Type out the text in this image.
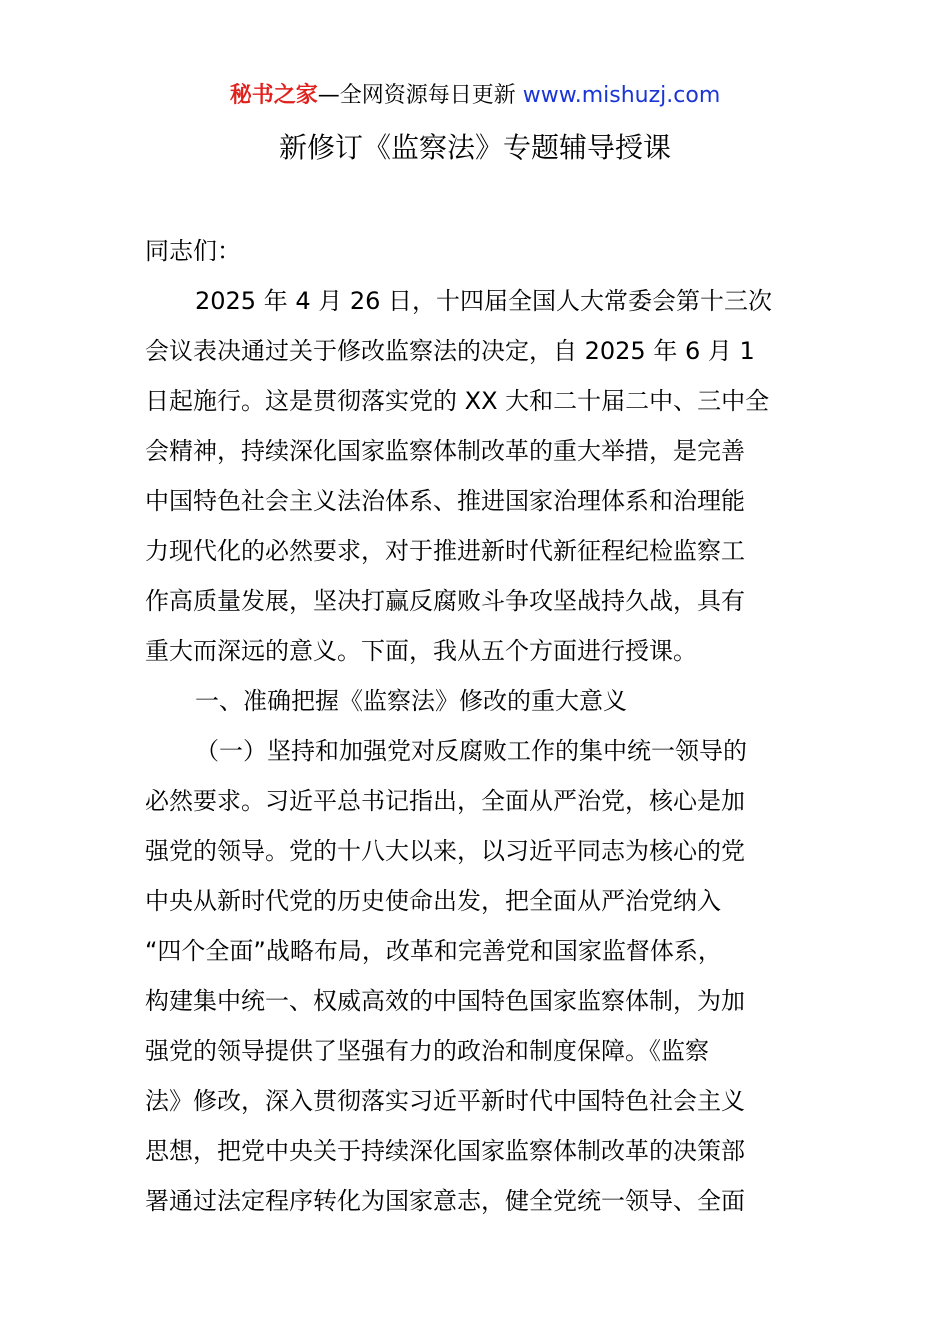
秘书之家—全网资源每日更新 www.mishuzj.com
新修订《监察法》专题辅导授课
同志们：
2025 年 4 月 26 日，十四届全国人大常委会第十三次
会议表决通过关于修改监察法的决定，自 2025 年 6 月 1
日起施行。这是贯彻落实党的 XX 大和二十届二中、三中全
会精神，持续深化国家监察体制改革的重大举措，是完善
中国特色社会主义法治体系、推进国家治理体系和治理能
力现代化的必然要求，对于推进新时代新征程纪检监察工
作高质量发展，坚决打赢反腐败斗争攻坚战持久战，具有
重大而深远的意义。下面，我从五个方面进行授课。
一、准确把握《监察法》修改的重大意义
（一）坚持和加强党对反腐败工作的集中统一领导的
必然要求。习近平总书记指出，全面从严治党，核心是加
强党的领导。党的十八大以来，以习近平同志为核心的党
中央从新时代党的历史使命出发，把全面从严治党纳入
“四个全面”战略布局，改革和完善党和国家监督体系，
构建集中统一、权威高效的中国特色国家监察体制，为加
强党的领导提供了坚强有力的政治和制度保障。《监察
法》修改，深入贯彻落实习近平新时代中国特色社会主义
思想，把党中央关于持续深化国家监察体制改革的决策部
署通过法定程序转化为国家意志，健全党统一领导、全面
